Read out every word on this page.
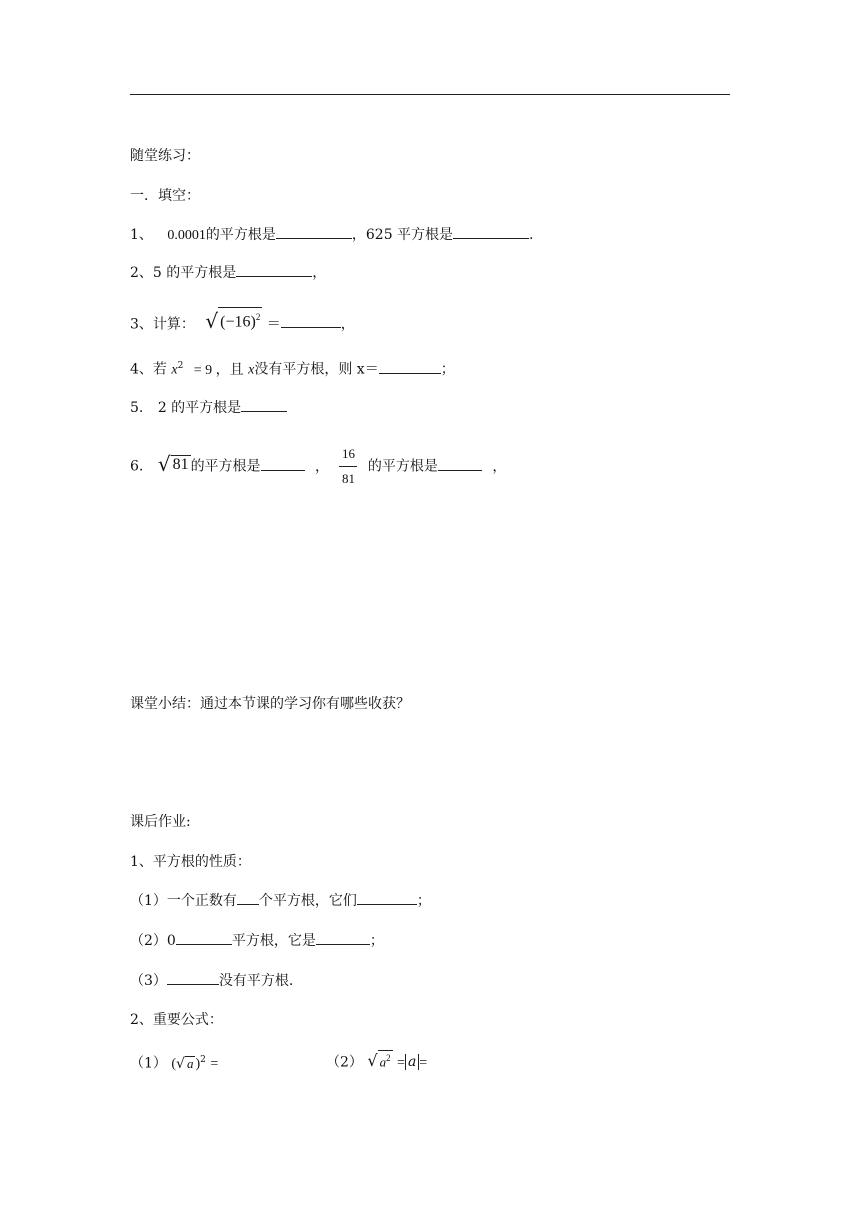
随堂练习：
一．填空：
1、 0.0001的平方根是	，625 平方根是	.
2、5 的平方根是	，
3、计算： √ $(-16)^2$ ＝	，
4、若 $x^2 = 9$ ，且 x没有平方根，则 x＝	；
5. 2 的平方根是
6. √ 81 的平方根是	， $\frac{16}{81}$ 的平方根是	，
课堂小结：通过本节课的学习你有哪些收获？
课后作业:
1、平方根的性质：
（1）一个正数有 个平方根，它们	；
（2）0	平方根，它是	；
（3）	没有平方根.
2、重要公式：
（1） ( √ a )$^2$ =	（2） √ $a^2 = a$ =
